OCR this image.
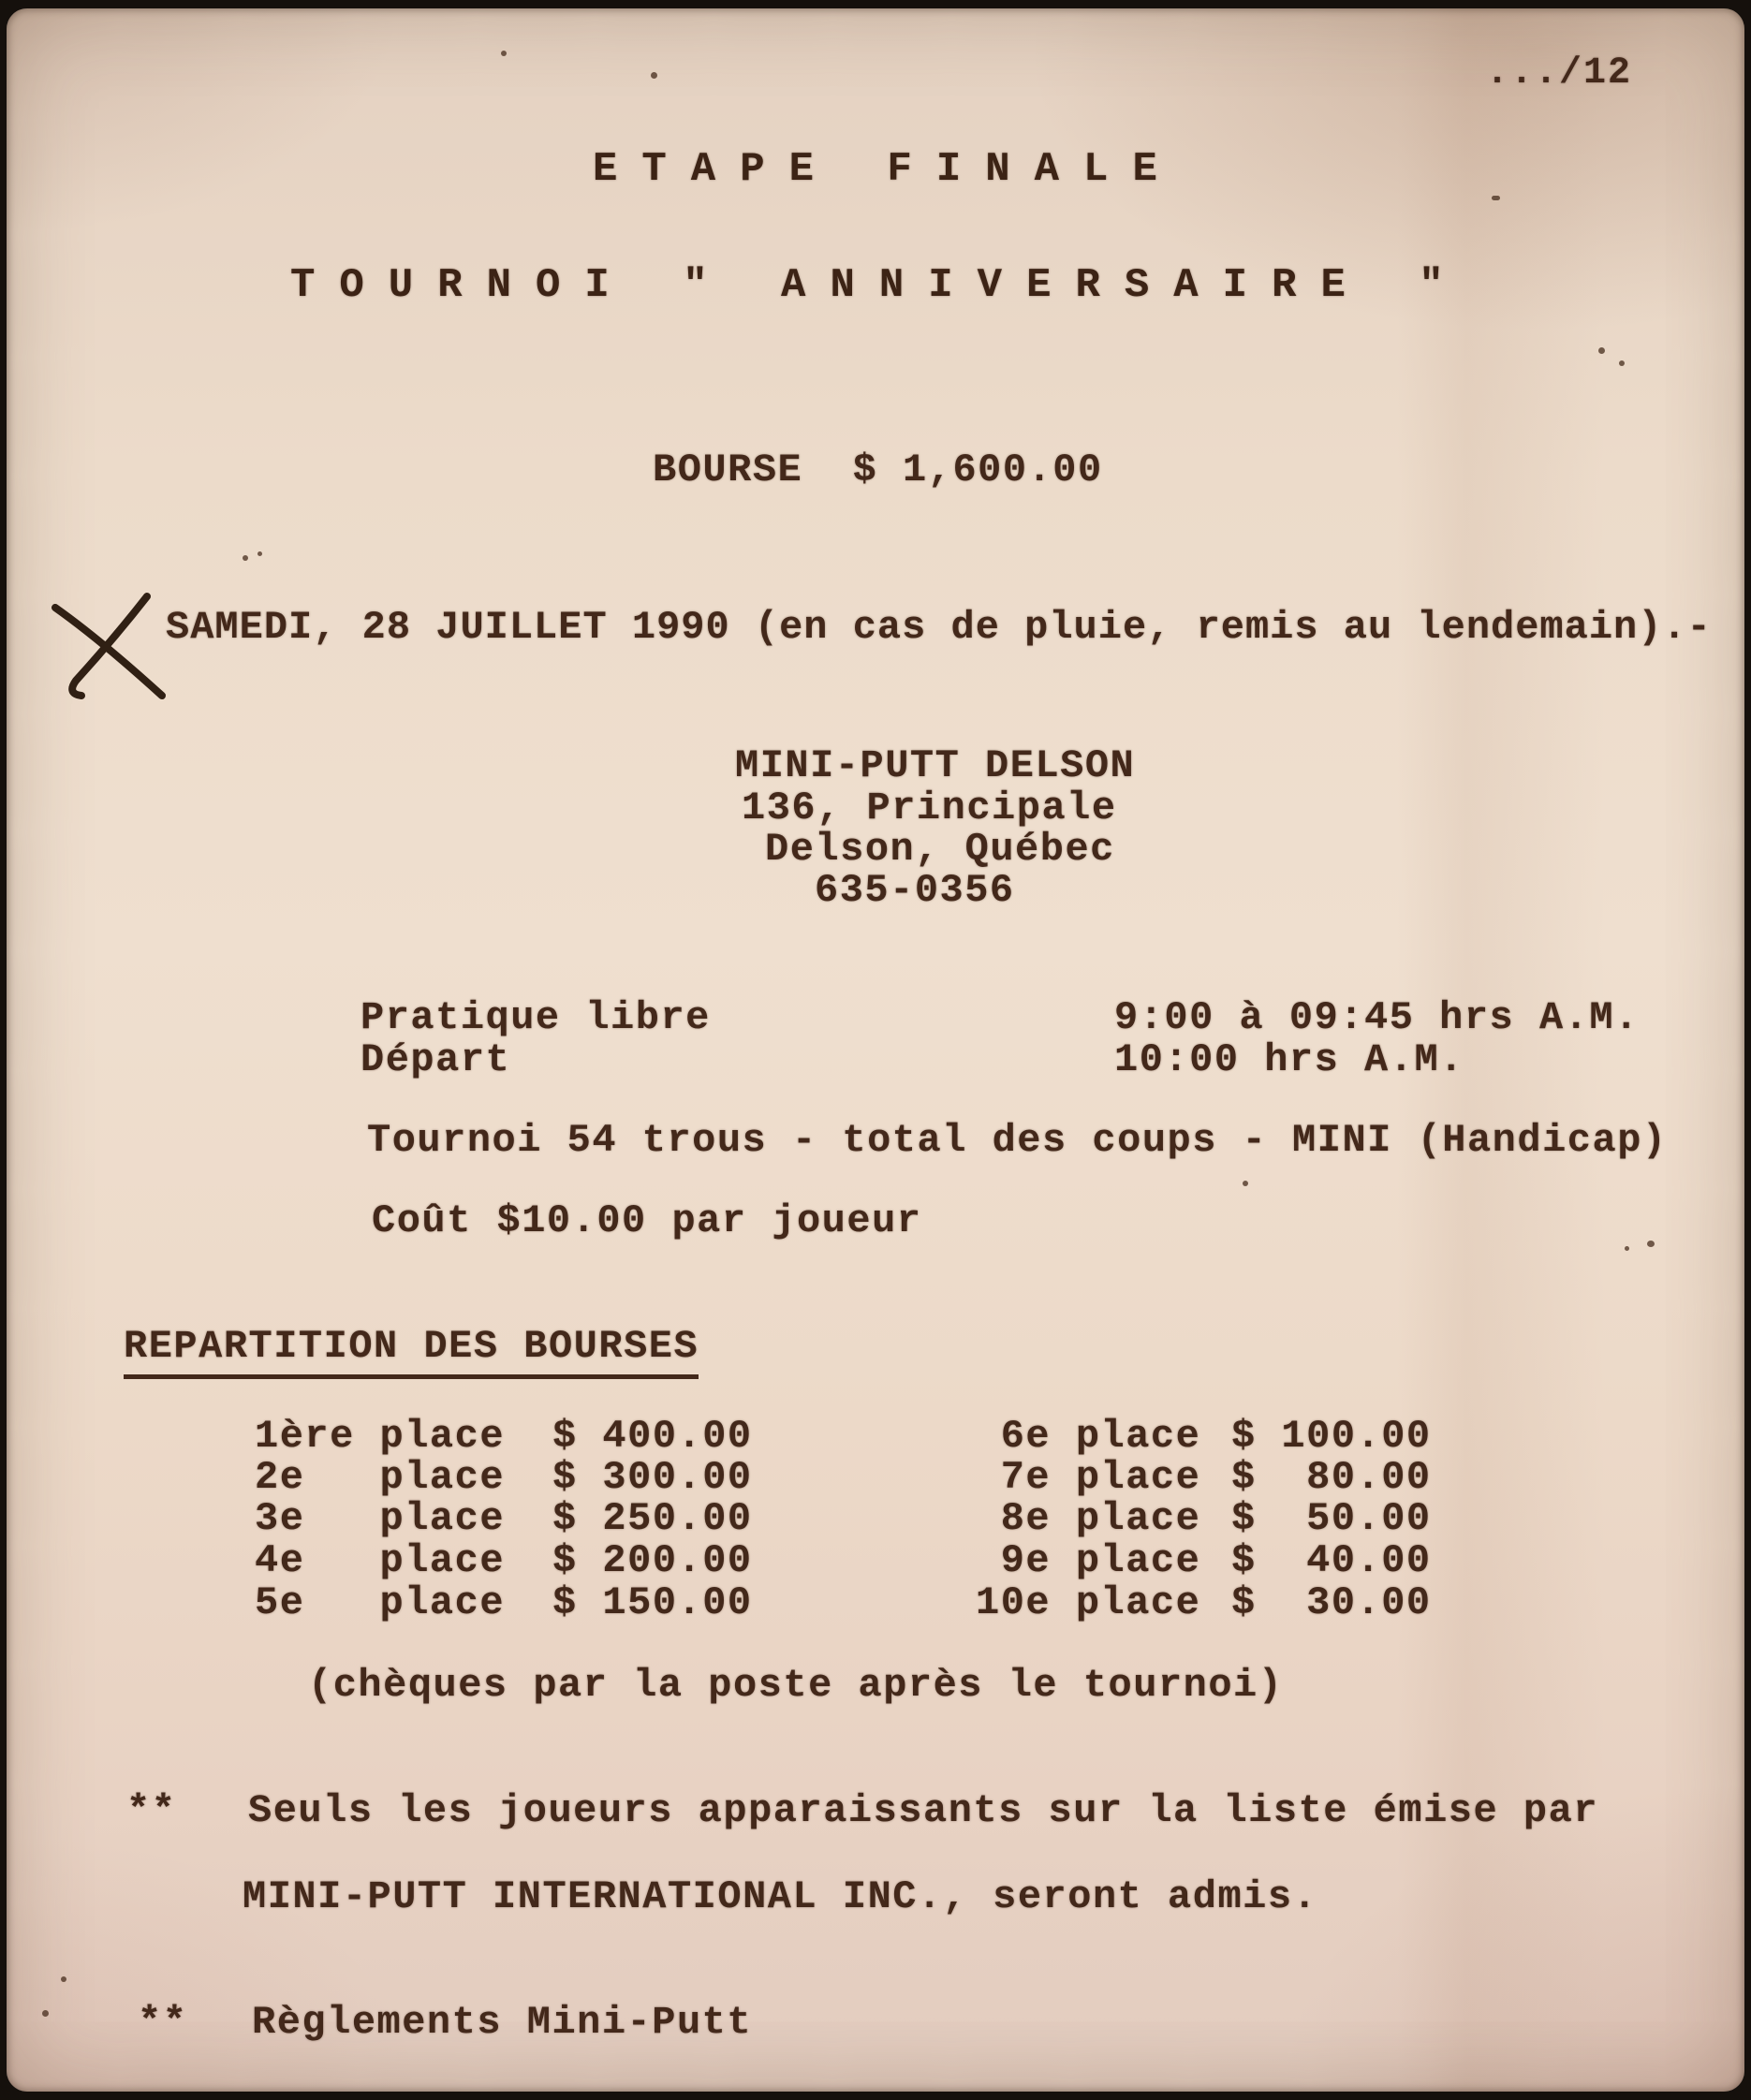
.../12
ETAPE FINALE
TOURNOI " ANNIVERSAIRE "
BOURSE  $ 1,600.00
SAMEDI, 28 JUILLET 1990 (en cas de pluie, remis au lendemain).-
MINI-PUTT DELSON
136, Principale
Delson, Québec
635-0356
Pratique libre	9:00 à 09:45 hrs A.M.
Départ	10:00 hrs A.M.
Tournoi 54 trous - total des coups - MINI (Handicap)
Coût $10.00 par joueur
REPARTITION DES BOURSES
1ère place $ 400.00	6e place $ 100.00
2e   place $ 300.00	7e place $  80.00
3e   place $ 250.00	8e place $  50.00
4e   place $ 200.00	9e place $  40.00
5e   place $ 150.00	10e place $  30.00
(chèques par la poste après le tournoi)
** Seuls les joueurs apparaissants sur la liste émise par
MINI-PUTT INTERNATIONAL INC., seront admis.
** Règlements Mini-Putt
